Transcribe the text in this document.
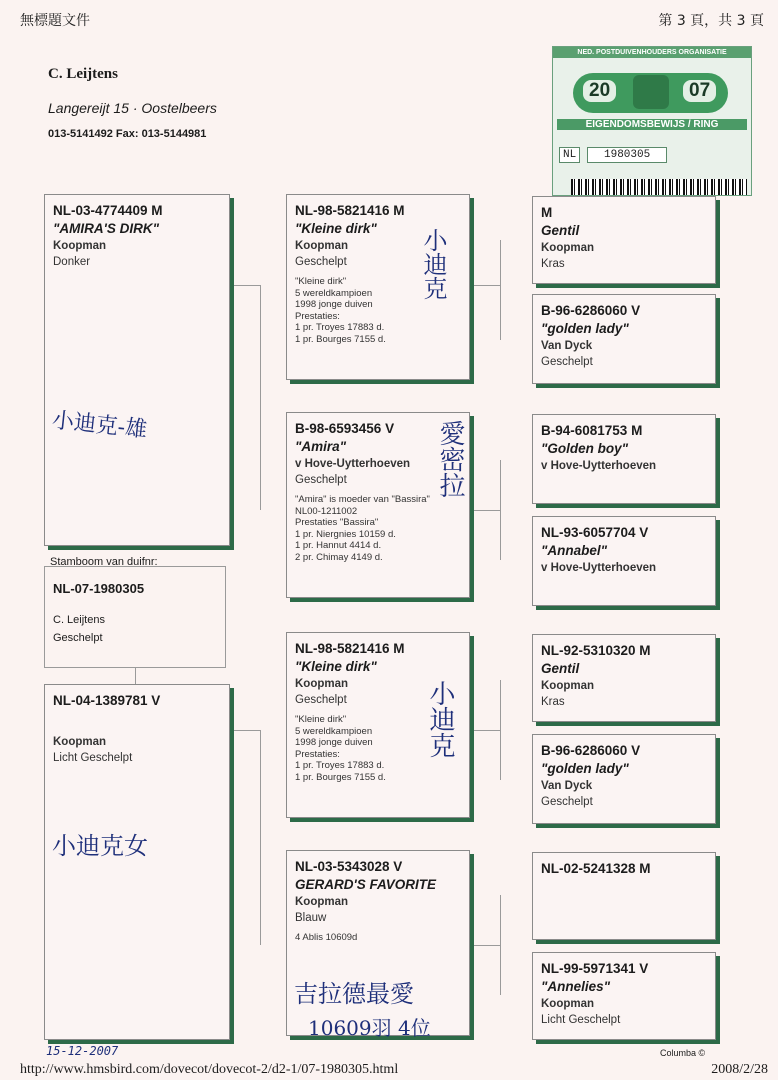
無標題文件	第 3 頁，共 3 頁
C. Leijtens
Langereijt 15 · Oostelbeers
013-5141492 Fax: 013-5144981
NL-03-4774409 M
"AMIRA'S DIRK"
Koopman
Donker
Stamboom van duifnr:
NL-07-1980305
C. Leijtens
Geschelpt
NL-04-1389781 V
Koopman
Licht Geschelpt
NL-98-5821416 M
"Kleine dirk"
Koopman
Geschelpt
"Kleine dirk"
5 wereldkampioen
1998 jonge duiven
Prestaties:
1 pr. Troyes 17883 d.
1 pr. Bourges 7155 d.
B-98-6593456 V
"Amira"
v Hove-Uytterhoeven
Geschelpt
"Amira" is moeder van "Bassira"
NL00-1211002
Prestaties "Bassira"
1 pr. Niergnies 10159 d.
1 pr. Hannut 4414 d.
2 pr. Chimay 4149 d.
NL-98-5821416 M
"Kleine dirk"
Koopman
Geschelpt
"Kleine dirk"
5 wereldkampioen
1998 jonge duiven
Prestaties:
1 pr. Troyes 17883 d.
1 pr. Bourges 7155 d.
NL-03-5343028 V
GERARD'S FAVORITE
Koopman
Blauw
4 Ablis 10609d
M
Gentil
Koopman
Kras
B-96-6286060 V
"golden lady"
Van Dyck
Geschelpt
B-94-6081753 M
"Golden boy"
v Hove-Uytterhoeven
NL-93-6057704 V
"Annabel"
v Hove-Uytterhoeven
NL-92-5310320 M
Gentil
Koopman
Kras
B-96-6286060 V
"golden lady"
Van Dyck
Geschelpt
NL-02-5241328 M
NL-99-5971341 V
"Annelies"
Koopman
Licht Geschelpt
NED. POSTDUIVENHOUDERS ORGANISATIE
20	07
EIGENDOMSBEWIJS / RING
NL	1980305
小迪克-雄
小迪克
愛密拉
小迪克
小迪克女
吉拉德最愛
10609羽 4位
15-12-2007	Columba ©
http://www.hmsbird.com/dovecot/dovecot-2/d2-1/07-1980305.html	2008/2/28
